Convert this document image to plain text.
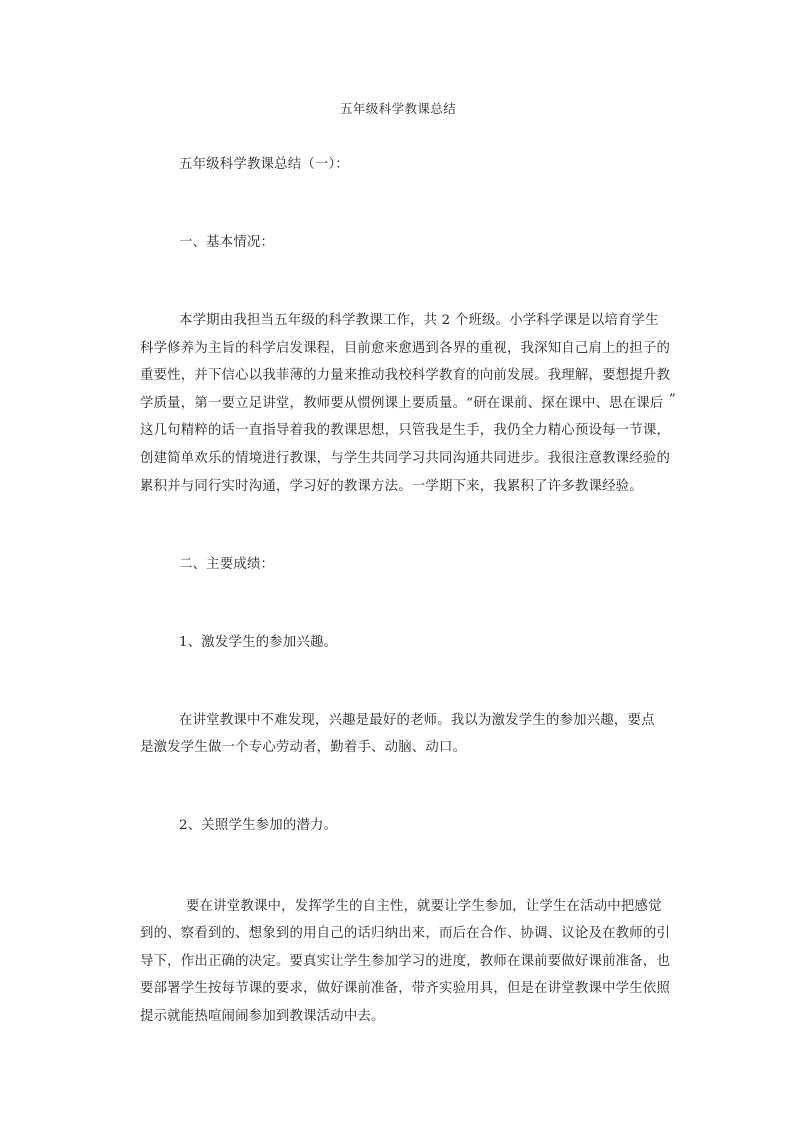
五年级科学教课总结
五年级科学教课总结（一）：
一、基本情况：
本学期由我担当五年级的科学教课工作，共 2 个班级。小学科学课是以培育学生
科学修养为主旨的科学启发课程，目前愈来愈遇到各界的重视，我深知自己肩上的担子的
重要性，并下信心以我菲薄的力量来推动我校科学教育的向前发展。我理解，要想提升教
学质量，第一要立足讲堂，教师要从惯例课上要质量。“研在课前、探在课中、思在课后 ”
这几句精粹的话一直指导着我的教课思想，只管我是生手，我仍全力精心预设每一节课，
创建简单欢乐的情境进行教课，与学生共同学习共同沟通共同进步。我很注意教课经验的
累积并与同行实时沟通，学习好的教课方法。一学期下来，我累积了许多教课经验。
二、主要成绩：
1、激发学生的参加兴趣。
在讲堂教课中不难发现，兴趣是最好的老师。我以为激发学生的参加兴趣，要点
是激发学生做一个专心劳动者，勤着手、动脑、动口。
2、关照学生参加的潜力。
要在讲堂教课中，发挥学生的自主性，就要让学生参加，让学生在活动中把感觉
到的、察看到的、想象到的用自己的话归纳出来，而后在合作、协调、议论及在教师的引
导下，作出正确的决定。要真实让学生参加学习的进度，教师在课前要做好课前准备，也
要部署学生按每节课的要求，做好课前准备，带齐实验用具，但是在讲堂教课中学生依照
提示就能热喧闹闹参加到教课活动中去。
